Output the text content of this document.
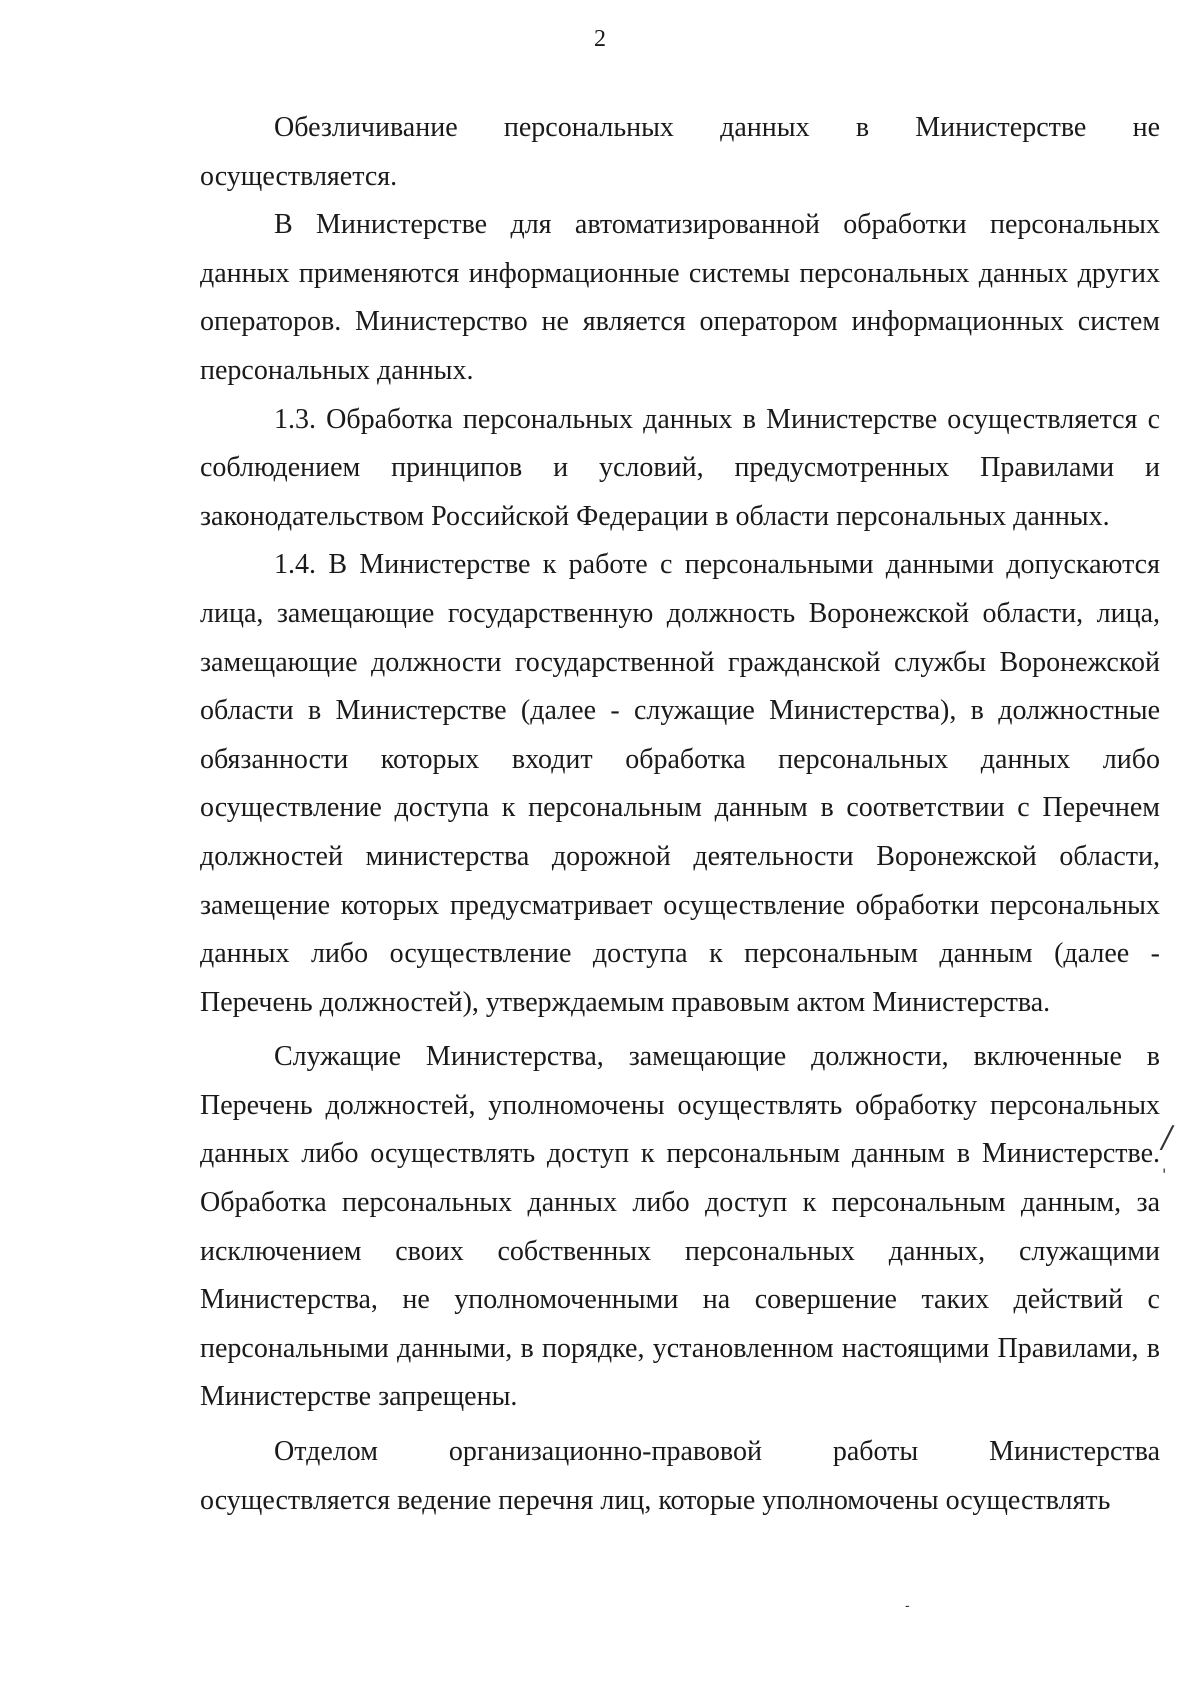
2

Обезличивание персональных данных в Министерстве не осуществляется.

В Министерстве для автоматизированной обработки персональных данных применяются информационные системы персональных данных других операторов. Министерство не является оператором информационных систем персональных данных.

1.3. Обработка персональных данных в Министерстве осуществляется с соблюдением принципов и условий, предусмотренных Правилами и законодательством Российской Федерации в области персональных данных.

1.4. В Министерстве к работе с персональными данными допускаются лица, замещающие государственную должность Воронежской области, лица, замещающие должности государственной гражданской службы Воронежской области в Министерстве (далее - служащие Министерства), в должностные обязанности которых входит обработка персональных данных либо осуществление доступа к персональным данным в соответствии с Перечнем должностей министерства дорожной деятельности Воронежской области, замещение которых предусматривает осуществление обработки персональных данных либо осуществление доступа к персональным данным (далее - Перечень должностей), утверждаемым правовым актом Министерства.

Служащие Министерства, замещающие должности, включенные в Перечень должностей, уполномочены осуществлять обработку персональных данных либо осуществлять доступ к персональным данным в Министерстве. Обработка персональных данных либо доступ к персональным данным, за исключением своих собственных персональных данных, служащими Министерства, не уполномоченными на совершение таких действий с персональными данными, в порядке, установленном настоящими Правилами, в Министерстве запрещены.

Отделом организационно-правовой работы Министерства осуществляется ведение перечня лиц, которые уполномочены осуществлять

/
'
-
